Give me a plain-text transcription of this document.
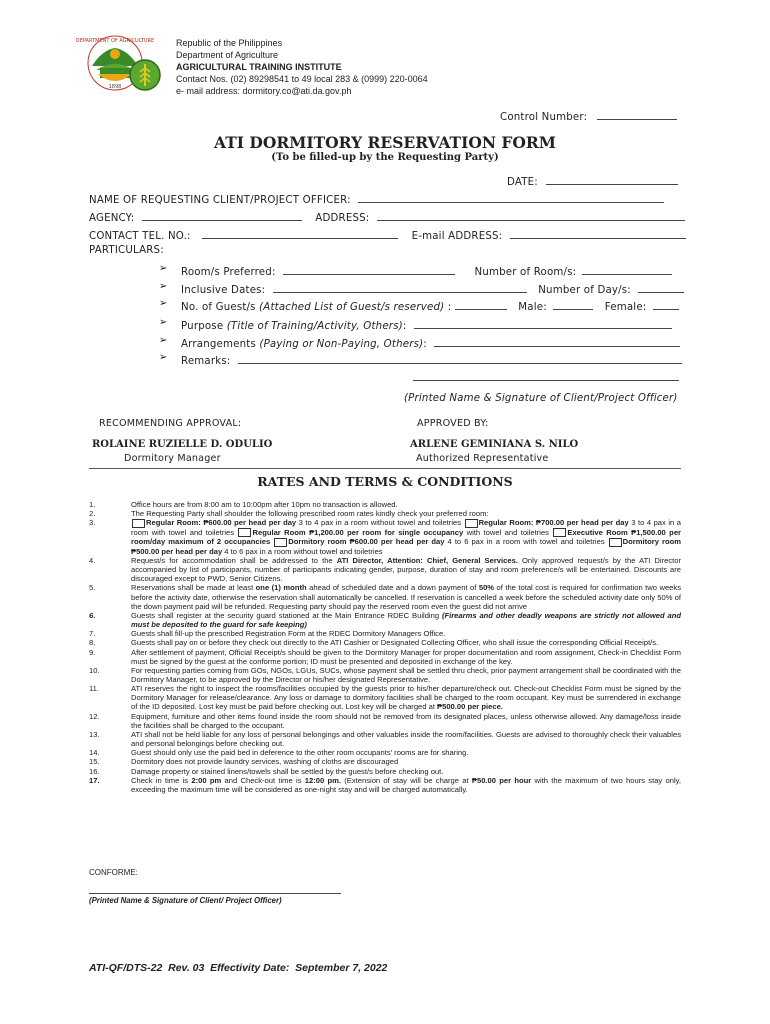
DEPARTMENT OF AGRICULTURE
1898
Republic of the Philippines
Department of Agriculture
AGRICULTURAL TRAINING INSTITUTE
Contact Nos. (02) 89298541 to 49 local 283 & (0999) 220-0064
e- mail address: dormitory.co@ati.da.gov.ph
Control Number:
ATI DORMITORY RESERVATION FORM
(To be filled-up by the Requesting Party)
DATE:
NAME OF REQUESTING CLIENT/PROJECT OFFICER:
AGENCY:	ADDRESS:
CONTACT TEL. NO.:	E-mail ADDRESS:
PARTICULARS:
➢ Room/s Preferred:	Number of Room/s:
➢ Inclusive Dates:	Number of Day/s:
➢ No. of Guest/s (Attached List of Guest/s reserved) :	Male:	Female:
➢ Purpose (Title of Training/Activity, Others):
➢ Arrangements (Paying or Non-Paying, Others):
➢ Remarks:
(Printed Name & Signature of Client/Project Officer)
RECOMMENDING APPROVAL:	APPROVED BY:
ROLAINE RUZIELLE D. ODULIO	ARLENE GEMINIANA S. NILO
Dormitory Manager	Authorized Representative
RATES AND TERMS & CONDITIONS
1.	Office hours are from 8:00 am to 10:00pm after 10pm no transaction is allowed.
2.	The Requesting Party shall shoulder the following prescribed room rates kindly check your preferred room:
3.	Regular Room: ₱600.00 per head per day 3 to 4 pax in a room without towel and toiletries Regular Room: ₱700.00 per head per day 3 to 4 pax in a room with towel and toiletries Regular Room ₱1,200.00 per room for single occupancy with towel and toiletries Executive Room ₱1,500.00 per room/day maximum of 2 occupancies Dormitory room ₱600.00 per head per day 4 to 6 pax in a room with towel and toiletries Dormitory room ₱500.00 per head per day 4 to 6 pax in a room without towel and toiletries
4.	Request/s for accommodation shall be addressed to the ATI Director, Attention: Chief, General Services. Only approved request/s by the ATI Director accompanied by list of participants, number of participants indicating gender, purpose, duration of stay and room preference/s will be entertained. Discounts are discouraged except to PWD, Senior Citizens.
5.	Reservations shall be made at least one (1) month ahead of scheduled date and a down payment of 50% of the total cost is required for confirmation two weeks before the activity date, otherwise the reservation shall automatically be cancelled. If reservation is cancelled a week before the scheduled activity date only 50% of the down payment paid will be refunded. Requesting party should pay the reserved room even the guest did not arrive
6.	Guests shall register at the security guard stationed at the Main Entrance RDEC Building (Firearms and other deadly weapons are strictly not allowed and must be deposited to the guard for safe keeping)
7.	Guests shall fill-up the prescribed Registration Form at the RDEC Dormitory Managers Office.
8.	Guests shall pay on or before they check out directly to the ATI Cashier or Designated Collecting Officer, who shall issue the corresponding Official Receipt/s.
9.	After settlement of payment, Official Receipt/s should be given to the Dormitory Manager for proper documentation and room assignment, Check-in Checklist Form must be signed by the guest at the conforme portion; ID must be presented and deposited in exchange of the key.
10.	For requesting parties coming from GOs, NGOs, LGUs, SUCs, whose payment shall be settled thru check, prior payment arrangement shall be coordinated with the Dormitory Manager, to be approved by the Director or his/her designated Representative.
11.	ATI reserves the right to inspect the rooms/facilities occupied by the guests prior to his/her departure/check out. Check-out Checklist Form must be signed by the Dormitory Manager for release/clearance. Any loss or damage to dormitory facilities shall be charged to the room occupant. Key must be surrendered in exchange of the ID deposited. Lost key must be paid before checking out. Lost key will be charged at ₱500.00 per piece.
12.	Equipment, furniture and other items found inside the room should not be removed from its designated places, unless otherwise allowed. Any damage/loss inside the facilities shall be charged to the occupant.
13.	ATI shall not be held liable for any loss of personal belongings and other valuables inside the room/facilities. Guests are advised to thoroughly check their valuables and personal belongings before checking out.
14.	Guest should only use the paid bed in deference to the other room occupants' rooms are for sharing.
15.	Dormitory does not provide laundry services, washing of cloths are discouraged
16.	Damage property or stained linens/towels shall be settled by the guest/s before checking out.
17.	Check in time is 2:00 pm and Check-out time is 12:00 pm. (Extension of stay will be charge at ₱50.00 per hour with the maximum of two hours stay only, exceeding the maximum time will be considered as one-night stay and will be charged automatically.
CONFORME:
(Printed Name & Signature of Client/ Project Officer)
ATI-QF/DTS-22  Rev. 03  Effectivity Date:  September 7, 2022
